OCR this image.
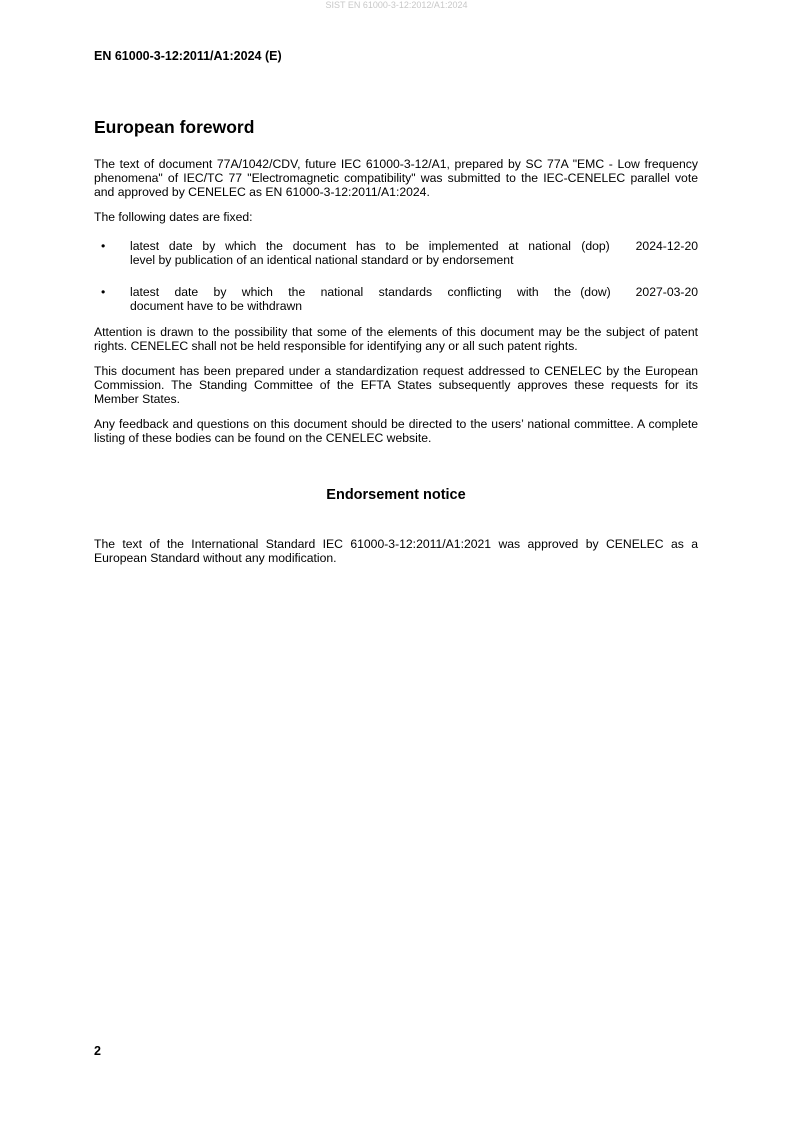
SIST EN 61000-3-12:2012/A1:2024
EN 61000-3-12:2011/A1:2024 (E)
European foreword

The text of document 77A/1042/CDV, future IEC 61000-3-12/A1, prepared by SC 77A "EMC - Low frequency phenomena" of IEC/TC 77 "Electromagnetic compatibility" was submitted to the IEC-CENELEC parallel vote and approved by CENELEC as EN 61000-3-12:2011/A1:2024.

The following dates are fixed:

•	latest date by which the document has to be implemented at national
level by publication of an identical national standard or by endorsement
(dop)	2024-12-20
•	latest date by which the national standards conflicting with the
document have to be withdrawn
(dow)	2027-03-20

Attention is drawn to the possibility that some of the elements of this document may be the subject of patent rights. CENELEC shall not be held responsible for identifying any or all such patent rights.

This document has been prepared under a standardization request addressed to CENELEC by the European Commission. The Standing Committee of the EFTA States subsequently approves these requests for its Member States.

Any feedback and questions on this document should be directed to the users’ national committee. A complete listing of these bodies can be found on the CENELEC website.

Endorsement notice

The text of the International Standard IEC 61000-3-12:2011/A1:2021 was approved by CENELEC as a European Standard without any modification.

2
